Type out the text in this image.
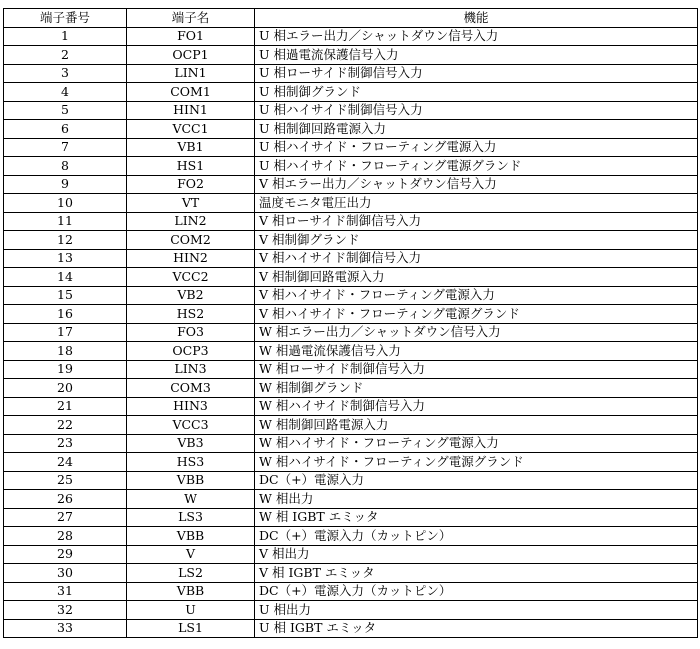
端子番号	端子名	機能
1	FO1	U 相エラー出力／シャットダウン信号入力
2	OCP1	U 相過電流保護信号入力
3	LIN1	U 相ローサイド制御信号入力
4	COM1	U 相制御グランド
5	HIN1	U 相ハイサイド制御信号入力
6	VCC1	U 相制御回路電源入力
7	VB1	U 相ハイサイド・フローティング電源入力
8	HS1	U 相ハイサイド・フローティング電源グランド
9	FO2	V 相エラー出力／シャットダウン信号入力
10	VT	温度モニタ電圧出力
11	LIN2	V 相ローサイド制御信号入力
12	COM2	V 相制御グランド
13	HIN2	V 相ハイサイド制御信号入力
14	VCC2	V 相制御回路電源入力
15	VB2	V 相ハイサイド・フローティング電源入力
16	HS2	V 相ハイサイド・フローティング電源グランド
17	FO3	W 相エラー出力／シャットダウン信号入力
18	OCP3	W 相過電流保護信号入力
19	LIN3	W 相ローサイド制御信号入力
20	COM3	W 相制御グランド
21	HIN3	W 相ハイサイド制御信号入力
22	VCC3	W 相制御回路電源入力
23	VB3	W 相ハイサイド・フローティング電源入力
24	HS3	W 相ハイサイド・フローティング電源グランド
25	VBB	DC（+）電源入力
26	W	W 相出力
27	LS3	W 相 IGBT エミッタ
28	VBB	DC（+）電源入力（カットピン）
29	V	V 相出力
30	LS2	V 相 IGBT エミッタ
31	VBB	DC（+）電源入力（カットピン）
32	U	U 相出力
33	LS1	U 相 IGBT エミッタ
